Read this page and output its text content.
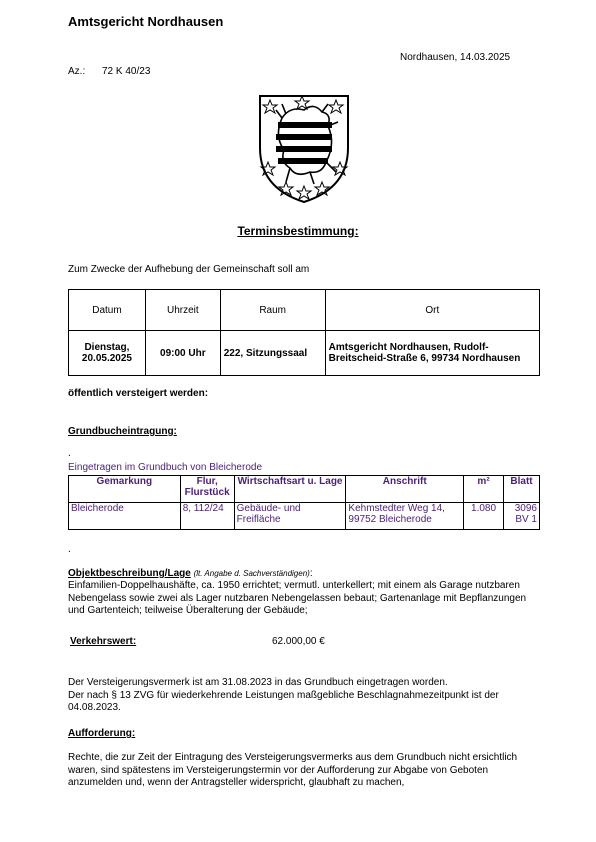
Amtsgericht Nordhausen
Nordhausen, 14.03.2025
Az.: 72 K 40/23
Terminsbestimmung:
Zum Zwecke der Aufhebung der Gemeinschaft soll am
Datum	Uhrzeit	Raum	Ort

Dienstag,
20.05.2025	09:00 Uhr	222, Sitzungssaal	Amtsgericht Nordhausen, Rudolf-Breitscheid-Straße 6, 99734 Nordhausen
öffentlich versteigert werden:
Grundbucheintragung:
.
Eingetragen im Grundbuch von Bleicherode
Gemarkung	Flur, Flurstück	Wirtschaftsart u. Lage	Anschrift	m²	Blatt
Bleicherode	8, 112/24	Gebäude- und Freifläche	Kehmstedter Weg 14, 99752 Bleicherode	1.080	3096
BV 1
.
Objektbeschreibung/Lage (lt. Angabe d. Sachverständigen):
Einfamilien-Doppelhaushäfte, ca. 1950 errichtet; vermutl. unterkellert; mit einem als Garage nutzbaren Nebengelass sowie zwei als Lager nutzbaren Nebengelassen bebaut; Gartenanlage mit Bepflanzungen und Gartenteich; teilweise Überalterung der Gebäude;
Verkehrswert:	62.000,00 €
Der Versteigerungsvermerk ist am 31.08.2023 in das Grundbuch eingetragen worden.
Der nach § 13 ZVG für wiederkehrende Leistungen maßgebliche Beschlagnahmezeitpunkt ist der 04.08.2023.
Aufforderung:
Rechte, die zur Zeit der Eintragung des Versteigerungsvermerks aus dem Grundbuch nicht ersichtlich waren, sind spätestens im Versteigerungstermin vor der Aufforderung zur Abgabe von Geboten anzumelden und, wenn der Antragsteller widerspricht, glaubhaft zu machen,
